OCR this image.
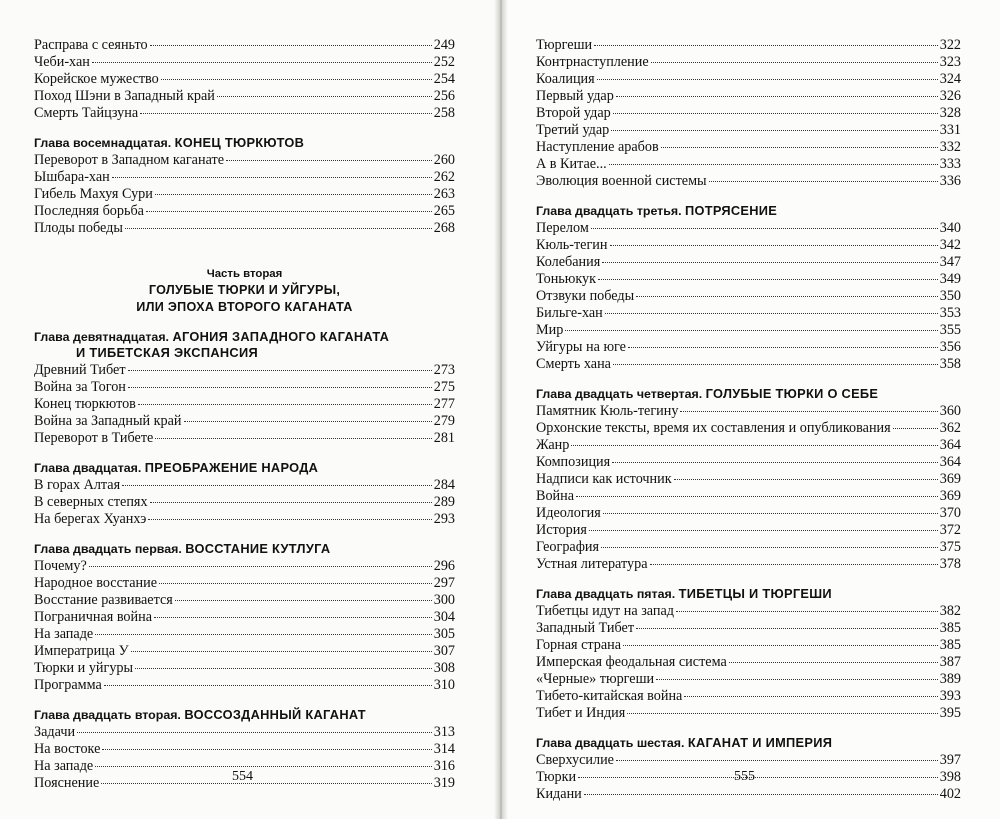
Расправа с сеяньто	249
Чеби-хан	252
Корейское мужество	254
Поход Шэни в Западный край	256
Смерть Тайцзуна	258
Глава восемнадцатая. КОНЕЦ ТЮРКЮТОВ
Переворот в Западном каганате	260
Ышбара-хан	262
Гибель Махуя Сури	263
Последняя борьба	265
Плоды победы	268
Часть вторая
ГОЛУБЫЕ ТЮРКИ И УЙГУРЫ,
ИЛИ ЭПОХА ВТОРОГО КАГАНАТА
Глава девятнадцатая. АГОНИЯ ЗАПАДНОГО КАГАНАТА
И ТИБЕТСКАЯ ЭКСПАНСИЯ
Древний Тибет	273
Война за Тогон	275
Конец тюркютов	277
Война за Западный край	279
Переворот в Тибете	281
Глава двадцатая. ПРЕОБРАЖЕНИЕ НАРОДА
В горах Алтая	284
В северных степях	289
На берегах Хуанхэ	293
Глава двадцать первая. ВОССТАНИЕ КУТЛУГА
Почему?	296
Народное восстание	297
Восстание развивается	300
Пограничная война	304
На западе	305
Императрица У	307
Тюрки и уйгуры	308
Программа	310
Глава двадцать вторая. ВОССОЗДАННЫЙ КАГАНАТ
Задачи	313
На востоке	314
На западе	316
Пояснение	319
554
Тюргеши	322
Контрнаступление	323
Коалиция	324
Первый удар	326
Второй удар	328
Третий удар	331
Наступление арабов	332
А в Китае...	333
Эволюция военной системы	336
Глава двадцать третья. ПОТРЯСЕНИЕ
Перелом	340
Кюль-тегин	342
Колебания	347
Тоньюкук	349
Отзвуки победы	350
Бильге-хан	353
Мир	355
Уйгуры на юге	356
Смерть хана	358
Глава двадцать четвертая. ГОЛУБЫЕ ТЮРКИ О СЕБЕ
Памятник Кюль-тегину	360
Орхонские тексты, время их составления и опубликования	362
Жанр	364
Композиция	364
Надписи как источник	369
Война	369
Идеология	370
История	372
География	375
Устная литература	378
Глава двадцать пятая. ТИБЕТЦЫ И ТЮРГЕШИ
Тибетцы идут на запад	382
Западный Тибет	385
Горная страна	385
Имперская феодальная система	387
«Черные» тюргеши	389
Тибето-китайская война	393
Тибет и Индия	395
Глава двадцать шестая. КАГАНАТ И ИМПЕРИЯ
Сверхусилие	397
Тюрки	398
Кидани	402
555
